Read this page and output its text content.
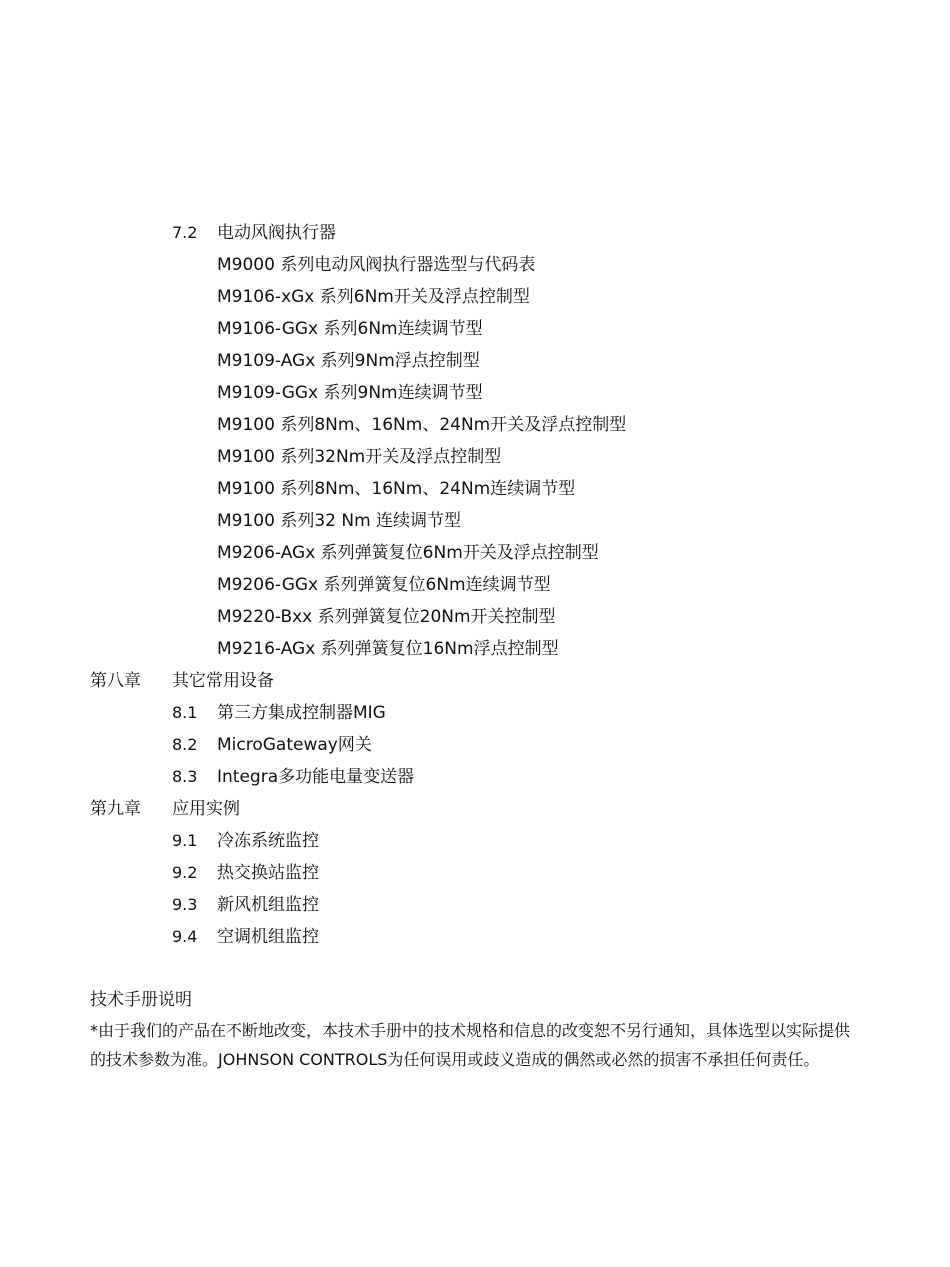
7.2 电动风阀执行器
M9000 系列电动风阀执行器选型与代码表
M9106-xGx 系列6Nm开关及浮点控制型
M9106-GGx 系列6Nm连续调节型
M9109-AGx 系列9Nm浮点控制型
M9109-GGx 系列9Nm连续调节型
M9100 系列8Nm、16Nm、24Nm开关及浮点控制型
M9100 系列32Nm开关及浮点控制型
M9100 系列8Nm、16Nm、24Nm连续调节型
M9100 系列32 Nm 连续调节型
M9206-AGx 系列弹簧复位6Nm开关及浮点控制型
M9206-GGx 系列弹簧复位6Nm连续调节型
M9220-Bxx 系列弹簧复位20Nm开关控制型
M9216-AGx 系列弹簧复位16Nm浮点控制型
第八章 其它常用设备
8.1 第三方集成控制器MIG
8.2 MicroGateway网关
8.3 Integra多功能电量变送器
第九章 应用实例
9.1 冷冻系统监控
9.2 热交换站监控
9.3 新风机组监控
9.4 空调机组监控
技术手册说明
*由于我们的产品在不断地改变，本技术手册中的技术规格和信息的改变恕不另行通知，具体选型以实际提供的技术参数为准。JOHNSON CONTROLS为任何误用或歧义造成的偶然或必然的损害不承担任何责任。
